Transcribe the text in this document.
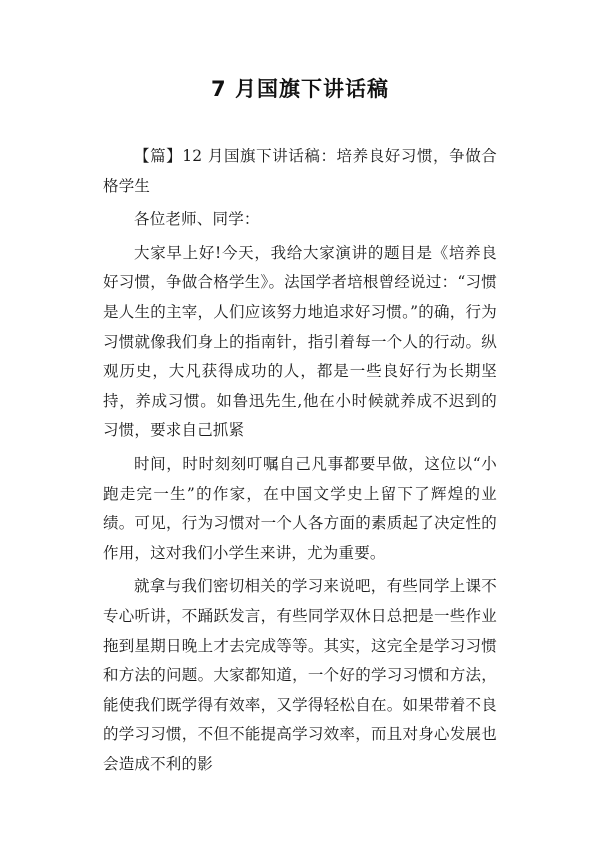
7 月国旗下讲话稿

【篇】12 月国旗下讲话稿：培养良好习惯，争做合格学生

各位老师、同学：

大家早上好!今天，我给大家演讲的题目是《培养良好习惯，争做合格学生》。法国学者培根曾经说过：“习惯是人生的主宰，人们应该努力地追求好习惯。”的确，行为习惯就像我们身上的指南针，指引着每一个人的行动。纵观历史，大凡获得成功的人，都是一些良好行为长期坚持，养成习惯。如鲁迅先生,他在小时候就养成不迟到的习惯，要求自己抓紧

时间，时时刻刻叮嘱自己凡事都要早做，这位以“小跑走完一生”的作家，在中国文学史上留下了辉煌的业绩。可见，行为习惯对一个人各方面的素质起了决定性的作用，这对我们小学生来讲，尤为重要。

就拿与我们密切相关的学习来说吧，有些同学上课不专心听讲，不踊跃发言，有些同学双休日总把是一些作业拖到星期日晚上才去完成等等。其实，这完全是学习习惯和方法的问题。大家都知道，一个好的学习习惯和方法，能使我们既学得有效率，又学得轻松自在。如果带着不良的学习习惯，不但不能提高学习效率，而且对身心发展也会造成不利的影
